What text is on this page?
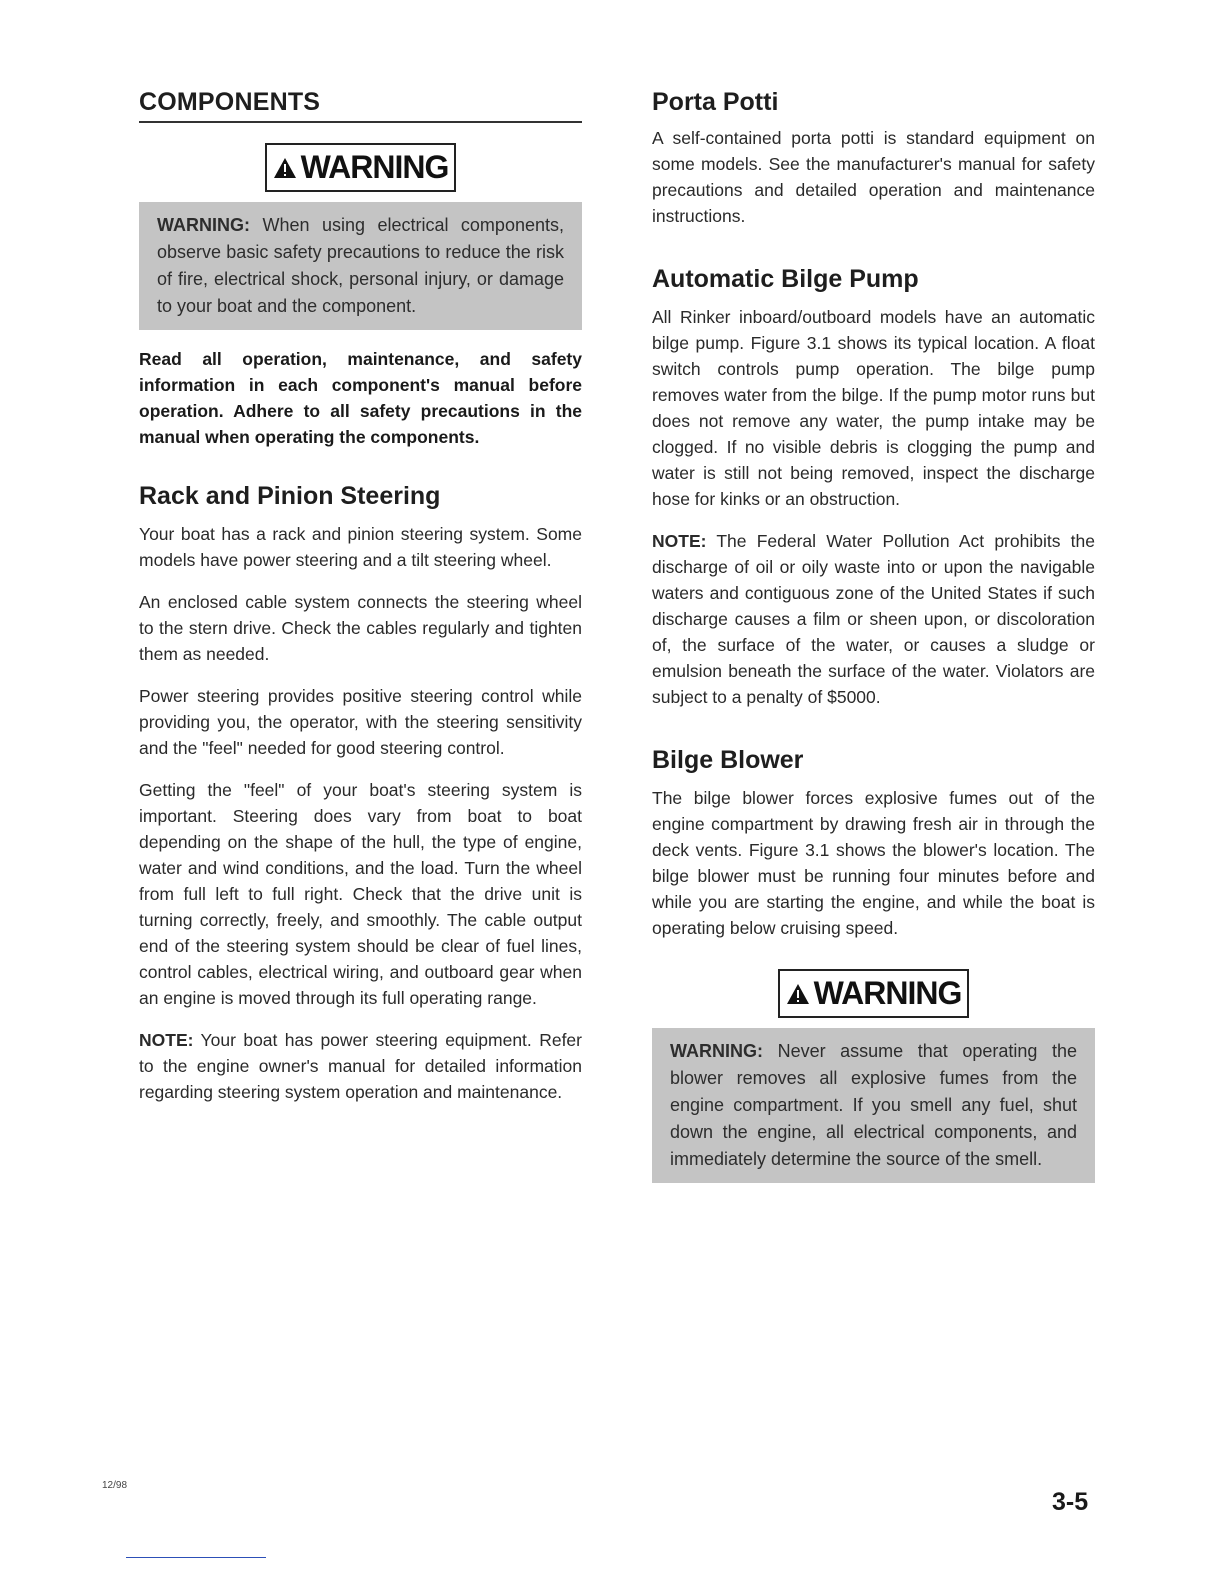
COMPONENTS
WARNING
WARNING: When using electrical components, observe basic safety precautions to reduce the risk of fire, electrical shock, personal injury, or damage to your boat and the component.

Read all operation, maintenance, and safety information in each component's manual before operation. Adhere to all safety precautions in the manual when operating the components.

Rack and Pinion Steering

Your boat has a rack and pinion steering system. Some models have power steering and a tilt steering wheel.

An enclosed cable system connects the steering wheel to the stern drive. Check the cables regularly and tighten them as needed.

Power steering provides positive steering control while providing you, the operator, with the steering sensitivity and the "feel" needed for good steering control.

Getting the "feel" of your boat's steering system is important. Steering does vary from boat to boat depending on the shape of the hull, the type of engine, water and wind conditions, and the load. Turn the wheel from full left to full right. Check that the drive unit is turning correctly, freely, and smoothly. The cable output end of the steering system should be clear of fuel lines, control cables, electrical wiring, and outboard gear when an engine is moved through its full operating range.

NOTE: Your boat has power steering equipment. Refer to the engine owner's manual for detailed information regarding steering system operation and maintenance.

Porta Potti

A self-contained porta potti is standard equipment on some models. See the manufacturer's manual for safety precautions and detailed operation and maintenance instructions.

Automatic Bilge Pump

All Rinker inboard/outboard models have an automatic bilge pump. Figure 3.1 shows its typical location. A float switch controls pump operation. The bilge pump removes water from the bilge. If the pump motor runs but does not remove any water, the pump intake may be clogged. If no visible debris is clogging the pump and water is still not being removed, inspect the discharge hose for kinks or an obstruction.

NOTE: The Federal Water Pollution Act prohibits the discharge of oil or oily waste into or upon the navigable waters and contiguous zone of the United States if such discharge causes a film or sheen upon, or discoloration of, the surface of the water, or causes a sludge or emulsion beneath the surface of the water. Violators are subject to a penalty of $5000.

Bilge Blower

The bilge blower forces explosive fumes out of the engine compartment by drawing fresh air in through the deck vents. Figure 3.1 shows the blower's location. The bilge blower must be running four minutes before and while you are starting the engine, and while the boat is operating below cruising speed.

WARNING
WARNING: Never assume that operating the blower removes all explosive fumes from the engine compartment. If you smell any fuel, shut down the engine, all electrical components, and immediately determine the source of the smell.
12/98
3-5
